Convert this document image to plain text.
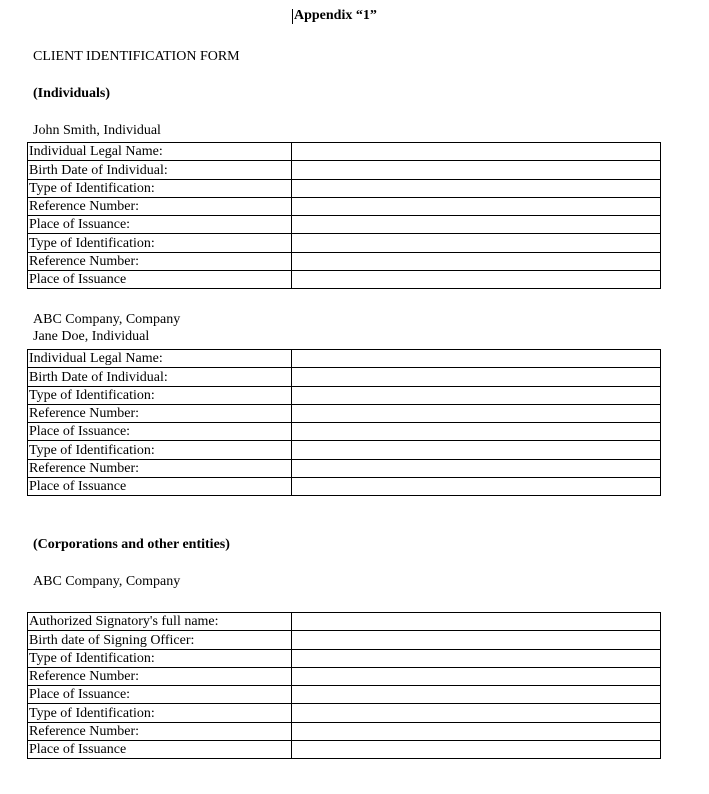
Appendix “1”
CLIENT IDENTIFICATION FORM
(Individuals)
John Smith, Individual
Individual Legal Name:	
Birth Date of Individual:	
Type of Identification:	
Reference Number:	
Place of Issuance:	
Type of Identification:	
Reference Number:	
Place of Issuance	
ABC Company, Company
Jane Doe, Individual
Individual Legal Name:	
Birth Date of Individual:	
Type of Identification:	
Reference Number:	
Place of Issuance:	
Type of Identification:	
Reference Number:	
Place of Issuance	
(Corporations and other entities)
ABC Company, Company
Authorized Signatory's full name:	
Birth date of Signing Officer:	
Type of Identification:	
Reference Number:	
Place of Issuance:	
Type of Identification:	
Reference Number:	
Place of Issuance	
